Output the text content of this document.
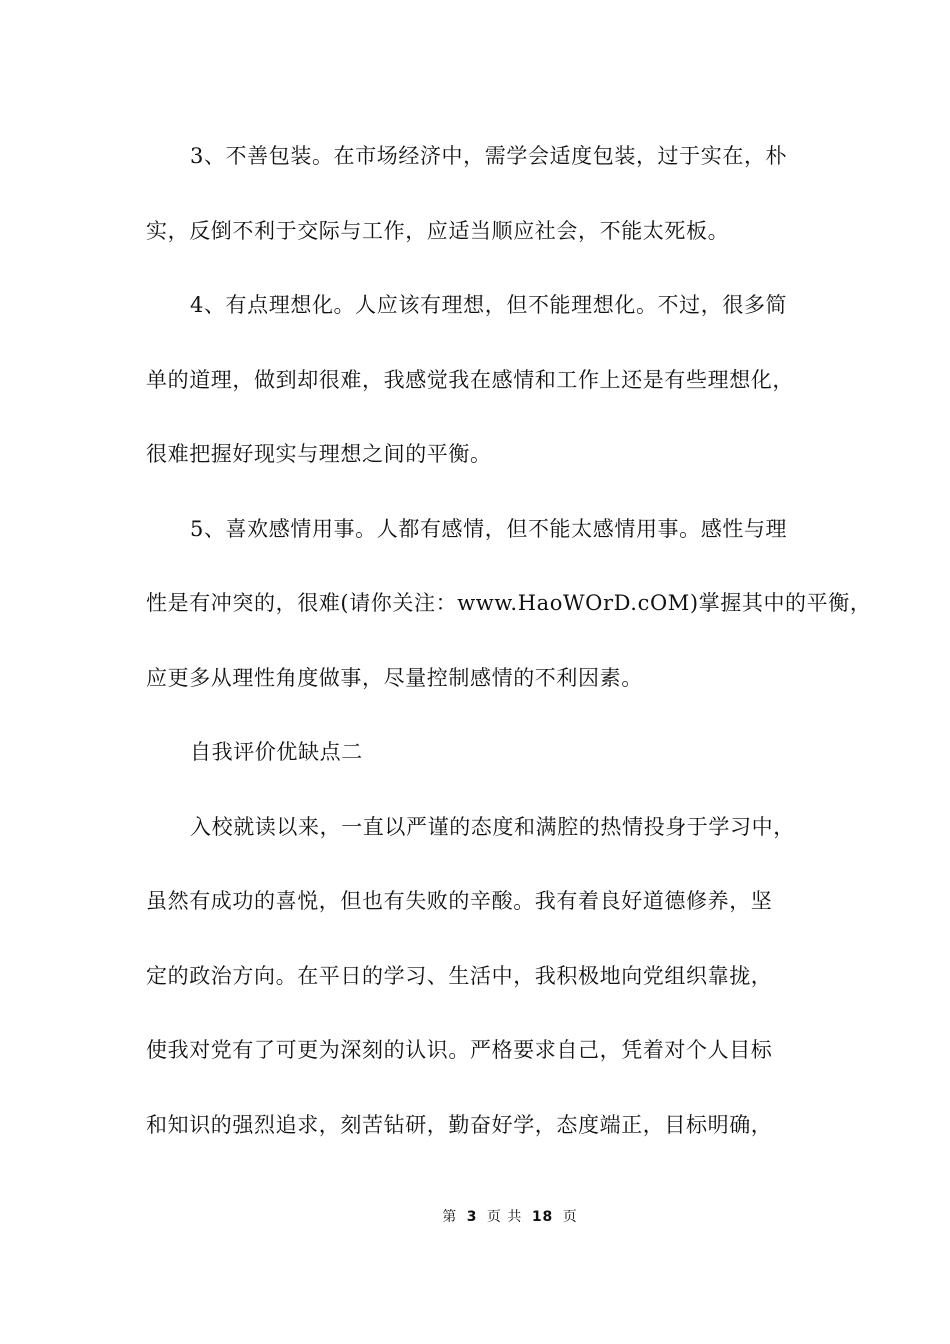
3、不善包装。在市场经济中，需学会适度包装，过于实在，朴
实，反倒不利于交际与工作，应适当顺应社会，不能太死板。
4、有点理想化。人应该有理想，但不能理想化。不过，很多简
单的道理，做到却很难，我感觉我在感情和工作上还是有些理想化，
很难把握好现实与理想之间的平衡。
5、喜欢感情用事。人都有感情，但不能太感情用事。感性与理
性是有冲突的，很难(请你关注：www.HaoWOrD.cOM)掌握其中的平衡，
应更多从理性角度做事，尽量控制感情的不利因素。
自我评价优缺点二
入校就读以来，一直以严谨的态度和满腔的热情投身于学习中，
虽然有成功的喜悦，但也有失败的辛酸。我有着良好道德修养，坚
定的政治方向。在平日的学习、生活中，我积极地向党组织靠拢，
使我对党有了可更为深刻的认识。严格要求自己，凭着对个人目标
和知识的强烈追求，刻苦钻研，勤奋好学，态度端正，目标明确，
第 3 页 共 18 页
